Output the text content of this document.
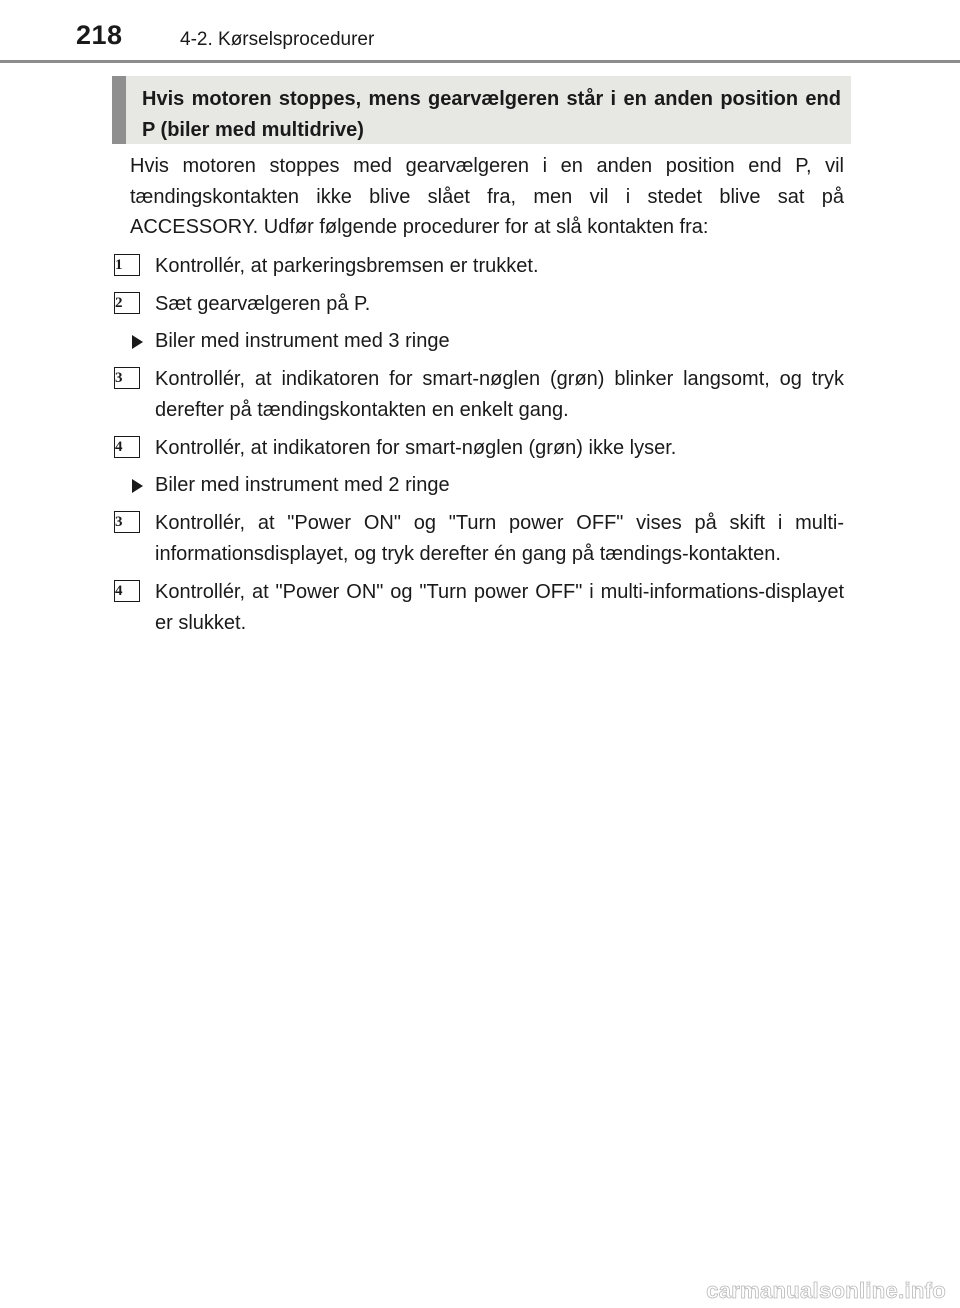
218	4-2. Kørselsprocedurer
Hvis motoren stoppes, mens gearvælgeren står i en anden position end P (biler med multidrive)

Hvis motoren stoppes med gearvælgeren i en anden position end P, vil tændingskontakten ikke blive slået fra, men vil i stedet blive sat på ACCESSORY. Udfør følgende procedurer for at slå kontakten fra:

1	Kontrollér, at parkeringsbremsen er trukket.
2	Sæt gearvælgeren på P.
Biler med instrument med 3 ringe
3	Kontrollér, at indikatoren for smart-nøglen (grøn) blinker langsomt, og tryk derefter på tændingskontakten en enkelt gang.
4	Kontrollér, at indikatoren for smart-nøglen (grøn) ikke lyser.
Biler med instrument med 2 ringe
3	Kontrollér, at "Power ON" og "Turn power OFF" vises på skift i multi-informationsdisplayet, og tryk derefter én gang på tændings-kontakten.
4	Kontrollér, at "Power ON" og "Turn power OFF" i multi-informations-displayet er slukket.
carmanualsonline.info
